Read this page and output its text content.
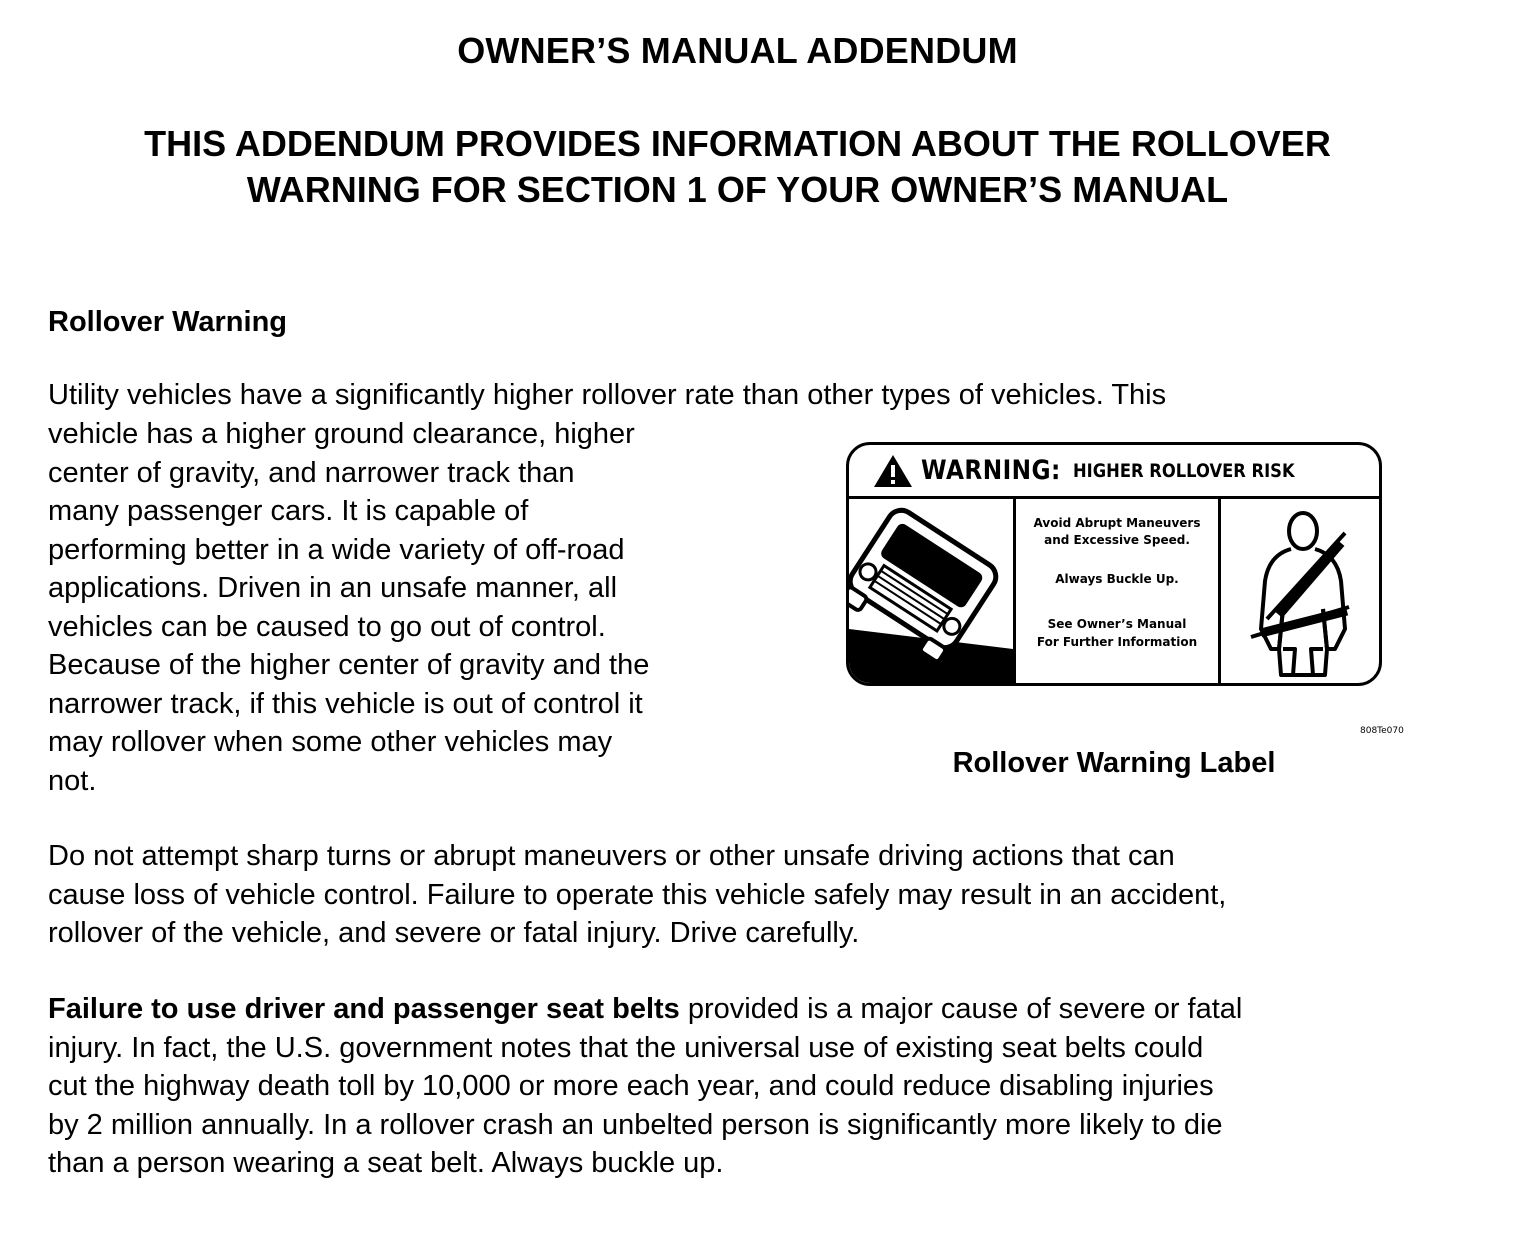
OWNER’S MANUAL ADDENDUM
THIS ADDENDUM PROVIDES INFORMATION ABOUT THE ROLLOVER
WARNING FOR SECTION 1 OF YOUR OWNER’S MANUAL
Rollover Warning

Utility vehicles have a significantly higher rollover rate than other types of vehicles. This

vehicle has a higher ground clearance, higher
center of gravity, and narrower track than
many passenger cars. It is capable of
performing better in a wide variety of off-road
applications. Driven in an unsafe manner, all
vehicles can be caused to go out of control.
Because of the higher center of gravity and the
narrower track, if this vehicle is out of control it
may rollover when some other vehicles may
not.

WARNING: HIGHER ROLLOVER RISK
Avoid Abrupt Maneuvers
and Excessive Speed.
Always Buckle Up.
See Owner’s Manual
For Further Information
808Te070
Rollover Warning Label

Do not attempt sharp turns or abrupt maneuvers or other unsafe driving actions that can
cause loss of vehicle control. Failure to operate this vehicle safely may result in an accident,
rollover of the vehicle, and severe or fatal injury. Drive carefully.

Failure to use driver and passenger seat belts provided is a major cause of severe or fatal
injury. In fact, the U.S. government notes that the universal use of existing seat belts could
cut the highway death toll by 10,000 or more each year, and could reduce disabling injuries
by 2 million annually. In a rollover crash an unbelted person is significantly more likely to die
than a person wearing a seat belt. Always buckle up.
